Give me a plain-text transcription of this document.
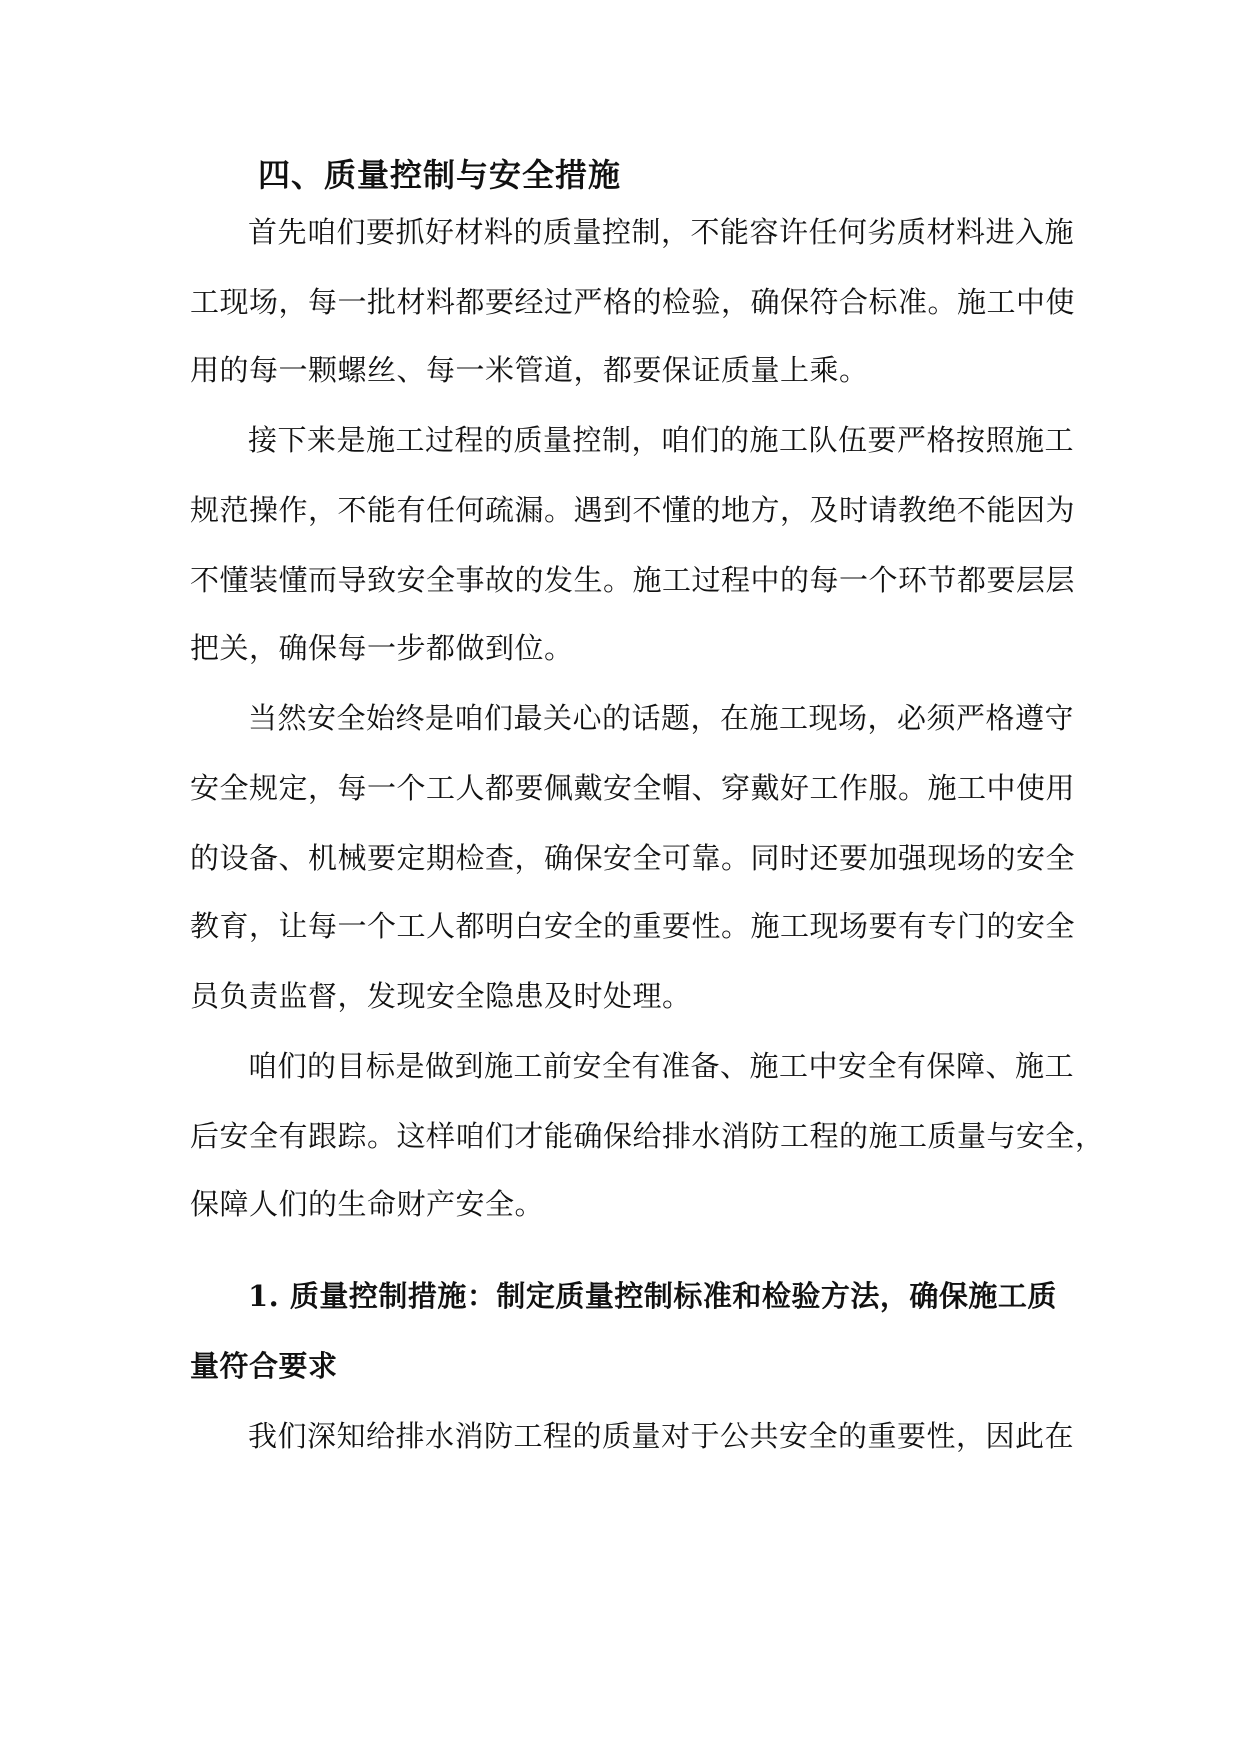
四、质量控制与安全措施

首先咱们要抓好材料的质量控制，不能容许任何劣质材料进入施

工现场，每一批材料都要经过严格的检验，确保符合标准。施工中使

用的每一颗螺丝、每一米管道，都要保证质量上乘。

接下来是施工过程的质量控制，咱们的施工队伍要严格按照施工

规范操作，不能有任何疏漏。遇到不懂的地方，及时请教绝不能因为

不懂装懂而导致安全事故的发生。施工过程中的每一个环节都要层层

把关，确保每一步都做到位。

当然安全始终是咱们最关心的话题，在施工现场，必须严格遵守

安全规定，每一个工人都要佩戴安全帽、穿戴好工作服。施工中使用

的设备、机械要定期检查，确保安全可靠。同时还要加强现场的安全

教育，让每一个工人都明白安全的重要性。施工现场要有专门的安全

员负责监督，发现安全隐患及时处理。

咱们的目标是做到施工前安全有准备、施工中安全有保障、施工

后安全有跟踪。这样咱们才能确保给排水消防工程的施工质量与安全，

保障人们的生命财产安全。

1. 质量控制措施：制定质量控制标准和检验方法，确保施工质

量符合要求

我们深知给排水消防工程的质量对于公共安全的重要性，因此在
